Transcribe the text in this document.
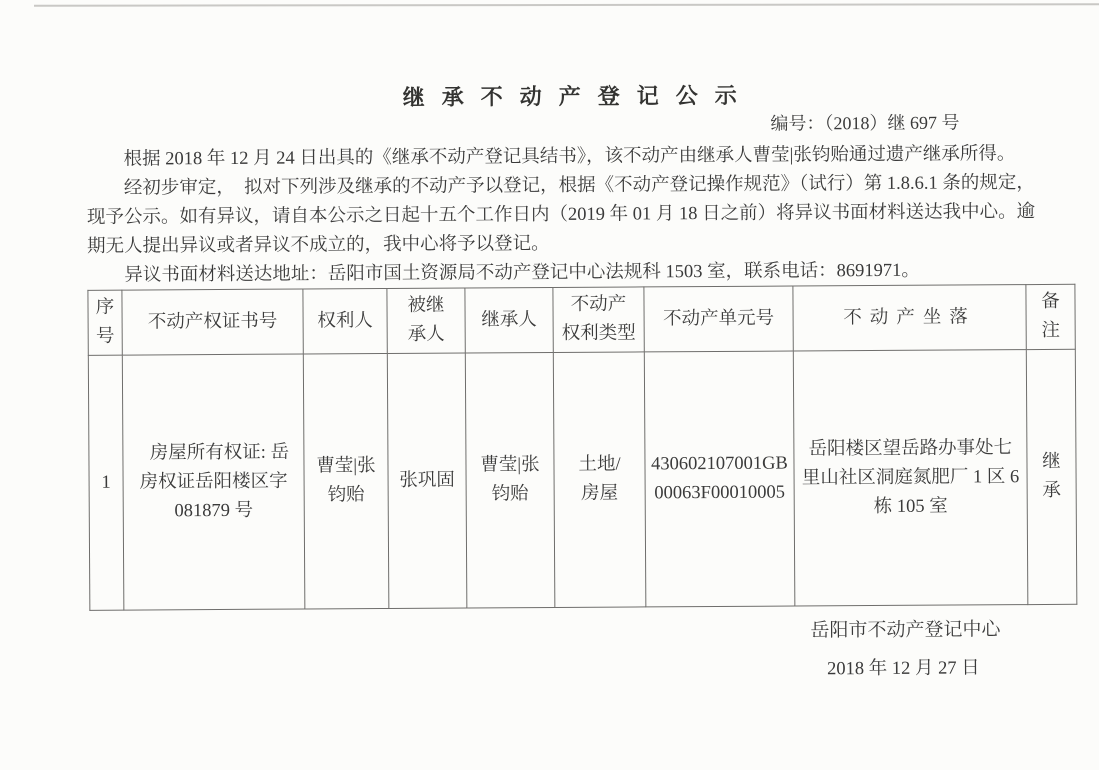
继承不动产登记公示
编号：（2018）继 697 号
根据 2018 年 12 月 24 日出具的《继承不动产登记具结书》，该不动产由继承人曹莹|张钧贻通过遗产继承所得。
经初步审定，  拟对下列涉及继承的不动产予以登记，根据《不动产登记操作规范》（试行）第 1.8.6.1 条的规定，
现予公示。如有异议，请自本公示之日起十五个工作日内（2019 年 01 月 18 日之前）将异议书面材料送达我中心。逾
期无人提出异议或者异议不成立的，我中心将予以登记。
异议书面材料送达地址：岳阳市国土资源局不动产登记中心法规科 1503 室，联系电话：8691971。
序
号	不动产权证书号	权利人	被继
承人	继承人	不动产
权利类型	不动产单元号	不动产坐落	备
注
1	房屋所有权证: 岳
房权证岳阳楼区字
081879 号	曹莹|张
钧贻	张巩固	曹莹|张
钧贻	土地/
房屋	430602107001GB
00063F00010005	岳阳楼区望岳路办事处七
里山社区洞庭氮肥厂 1 区 6
栋 105 室	继
承
岳阳市不动产登记中心
2018 年 12 月 27 日
